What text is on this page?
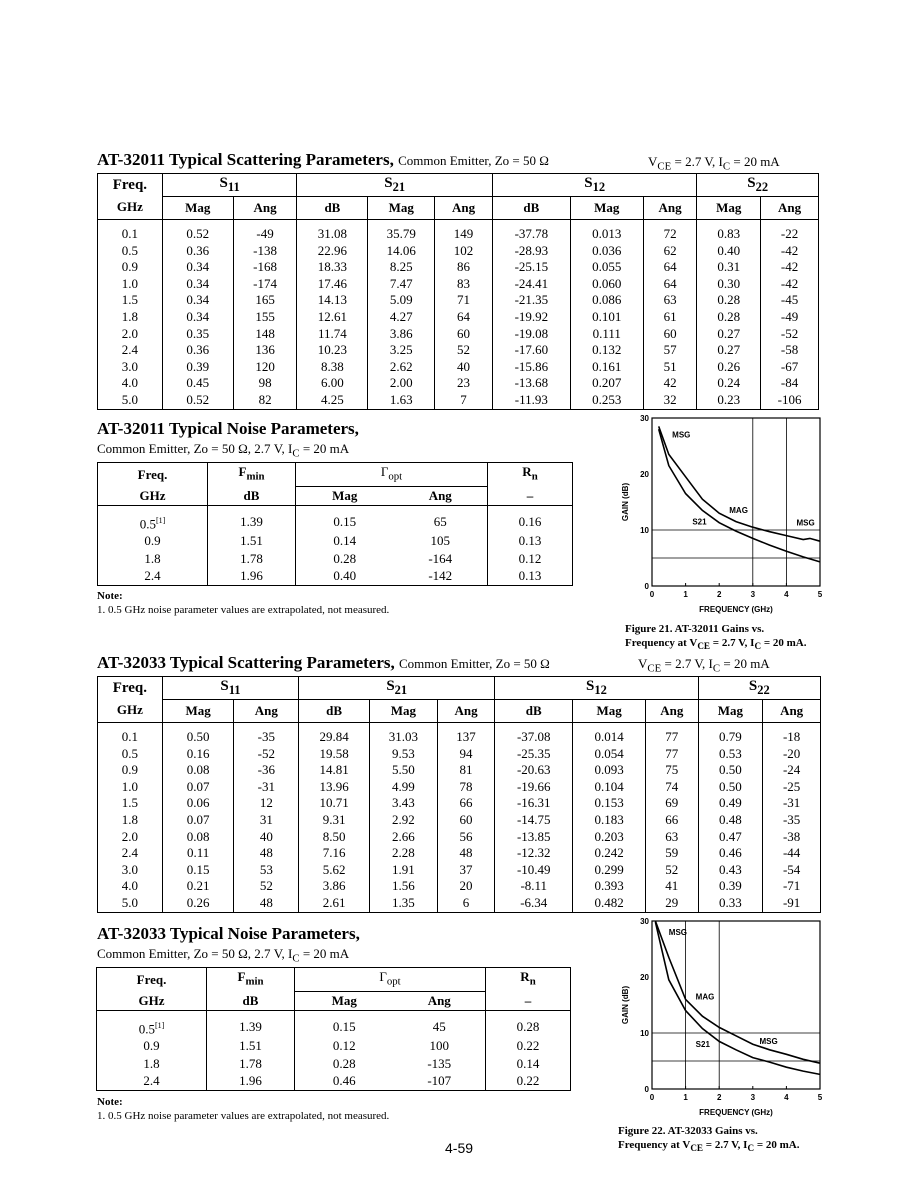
AT-32011 Typical Scattering Parameters, Common Emitter, Zo = 50 Ω	$V_{CE} = 2.7$ V, $I_C = 20$ mA
Freq.	$S_{11}$		$S_{21}$			$S_{12}$			$S_{22}$
GHz	Mag	Ang	dB	Mag	Ang	dB	Mag	Ang	Mag	Ang
0.1	0.52	-49	31.08	35.79	149	-37.78	0.013	72	0.83	-22
0.5	0.36	-138	22.96	14.06	102	-28.93	0.036	62	0.40	-42
0.9	0.34	-168	18.33	8.25	86	-25.15	0.055	64	0.31	-42
1.0	0.34	-174	17.46	7.47	83	-24.41	0.060	64	0.30	-42
1.5	0.34	165	14.13	5.09	71	-21.35	0.086	63	0.28	-45
1.8	0.34	155	12.61	4.27	64	-19.92	0.101	61	0.28	-49
2.0	0.35	148	11.74	3.86	60	-19.08	0.111	60	0.27	-52
2.4	0.36	136	10.23	3.25	52	-17.60	0.132	57	0.27	-58
3.0	0.39	120	8.38	2.62	40	-15.86	0.161	51	0.26	-67
4.0	0.45	98	6.00	2.00	23	-13.68	0.207	42	0.24	-84
5.0	0.52	82	4.25	1.63	7	-11.93	0.253	32	0.23	-106
AT-32011 Typical Noise Parameters,
Common Emitter, Zo = 50 Ω, 2.7 V, $I_C = 20$ mA
Freq.	$F_{min}$	$\Gamma_{opt}$		$R_n$
GHz	dB	Mag	Ang	–
0.5[1]	1.39	0.15	65	0.16
0.9	1.51	0.14	105	0.13
1.8	1.78	0.28	-164	0.12
2.4	1.96	0.40	-142	0.13
Note:
1. 0.5 GHz noise parameter values are extrapolated, not measured.
0	1	2	3	4	5
0
10
20
30
FREQUENCY (GHz)
GAIN (dB)
MSG
MAG
S21	MSG
Figure 21. AT-32011 Gains vs.
Frequency at $V_{CE} = 2.7$ V, $I_C = 20$ mA.
AT-32033 Typical Scattering Parameters, Common Emitter, Zo = 50 Ω	$V_{CE} = 2.7$ V, $I_C = 20$ mA
Freq.	$S_{11}$		$S_{21}$			$S_{12}$			$S_{22}$
GHz	Mag	Ang	dB	Mag	Ang	dB	Mag	Ang	Mag	Ang
0.1	0.50	-35	29.84	31.03	137	-37.08	0.014	77	0.79	-18
0.5	0.16	-52	19.58	9.53	94	-25.35	0.054	77	0.53	-20
0.9	0.08	-36	14.81	5.50	81	-20.63	0.093	75	0.50	-24
1.0	0.07	-31	13.96	4.99	78	-19.66	0.104	74	0.50	-25
1.5	0.06	12	10.71	3.43	66	-16.31	0.153	69	0.49	-31
1.8	0.07	31	9.31	2.92	60	-14.75	0.183	66	0.48	-35
2.0	0.08	40	8.50	2.66	56	-13.85	0.203	63	0.47	-38
2.4	0.11	48	7.16	2.28	48	-12.32	0.242	59	0.46	-44
3.0	0.15	53	5.62	1.91	37	-10.49	0.299	52	0.43	-54
4.0	0.21	52	3.86	1.56	20	-8.11	0.393	41	0.39	-71
5.0	0.26	48	2.61	1.35	6	-6.34	0.482	29	0.33	-91
AT-32033 Typical Noise Parameters,
Common Emitter, Zo = 50 Ω, 2.7 V, $I_C = 20$ mA
Freq.	$F_{min}$	$\Gamma_{opt}$		$R_n$
GHz	dB	Mag	Ang	–
0.5[1]	1.39	0.15	45	0.28
0.9	1.51	0.12	100	0.22
1.8	1.78	0.28	-135	0.14
2.4	1.96	0.46	-107	0.22
Note:
1. 0.5 GHz noise parameter values are extrapolated, not measured.
0	1	2	3	4	5
0
10
20
30
FREQUENCY (GHz)
GAIN (dB)
MSG
MAG
S21	MSG
Figure 22. AT-32033 Gains vs.
Frequency at $V_{CE} = 2.7$ V, $I_C = 20$ mA.
4-59
